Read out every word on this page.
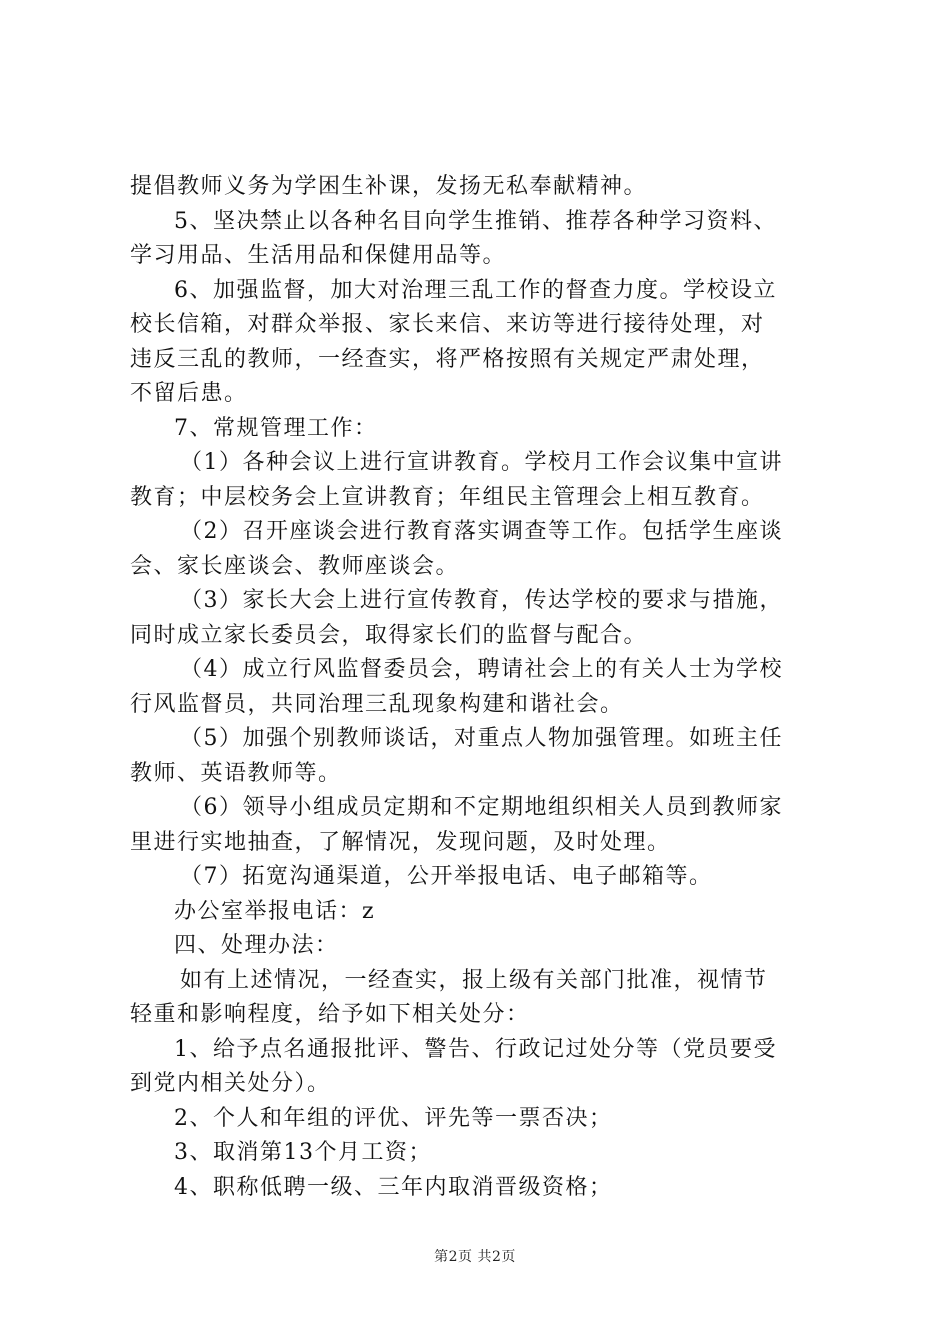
提倡教师义务为学困生补课，发扬无私奉献精神。
5、坚决禁止以各种名目向学生推销、推荐各种学习资料、
学习用品、生活用品和保健用品等。
6、加强监督，加大对治理三乱工作的督查力度。学校设立
校长信箱，对群众举报、家长来信、来访等进行接待处理，对
违反三乱的教师，一经查实，将严格按照有关规定严肃处理，
不留后患。
7、常规管理工作：
（1）各种会议上进行宣讲教育。学校月工作会议集中宣讲
教育；中层校务会上宣讲教育；年组民主管理会上相互教育。
（2）召开座谈会进行教育落实调查等工作。包括学生座谈
会、家长座谈会、教师座谈会。
（3）家长大会上进行宣传教育，传达学校的要求与措施，
同时成立家长委员会，取得家长们的监督与配合。
（4）成立行风监督委员会，聘请社会上的有关人士为学校
行风监督员，共同治理三乱现象构建和谐社会。
（5）加强个别教师谈话，对重点人物加强管理。如班主任
教师、英语教师等。
（6）领导小组成员定期和不定期地组织相关人员到教师家
里进行实地抽查，了解情况，发现问题，及时处理。
（7）拓宽沟通渠道，公开举报电话、电子邮箱等。
办公室举报电话：z
四、处理办法：
如有上述情况，一经查实，报上级有关部门批准，视情节
轻重和影响程度，给予如下相关处分：
1、给予点名通报批评、警告、行政记过处分等（党员要受
到党内相关处分）。
2、个人和年组的评优、评先等一票否决；
3、取消第13个月工资；
4、职称低聘一级、三年内取消晋级资格；
第2页 共2页
